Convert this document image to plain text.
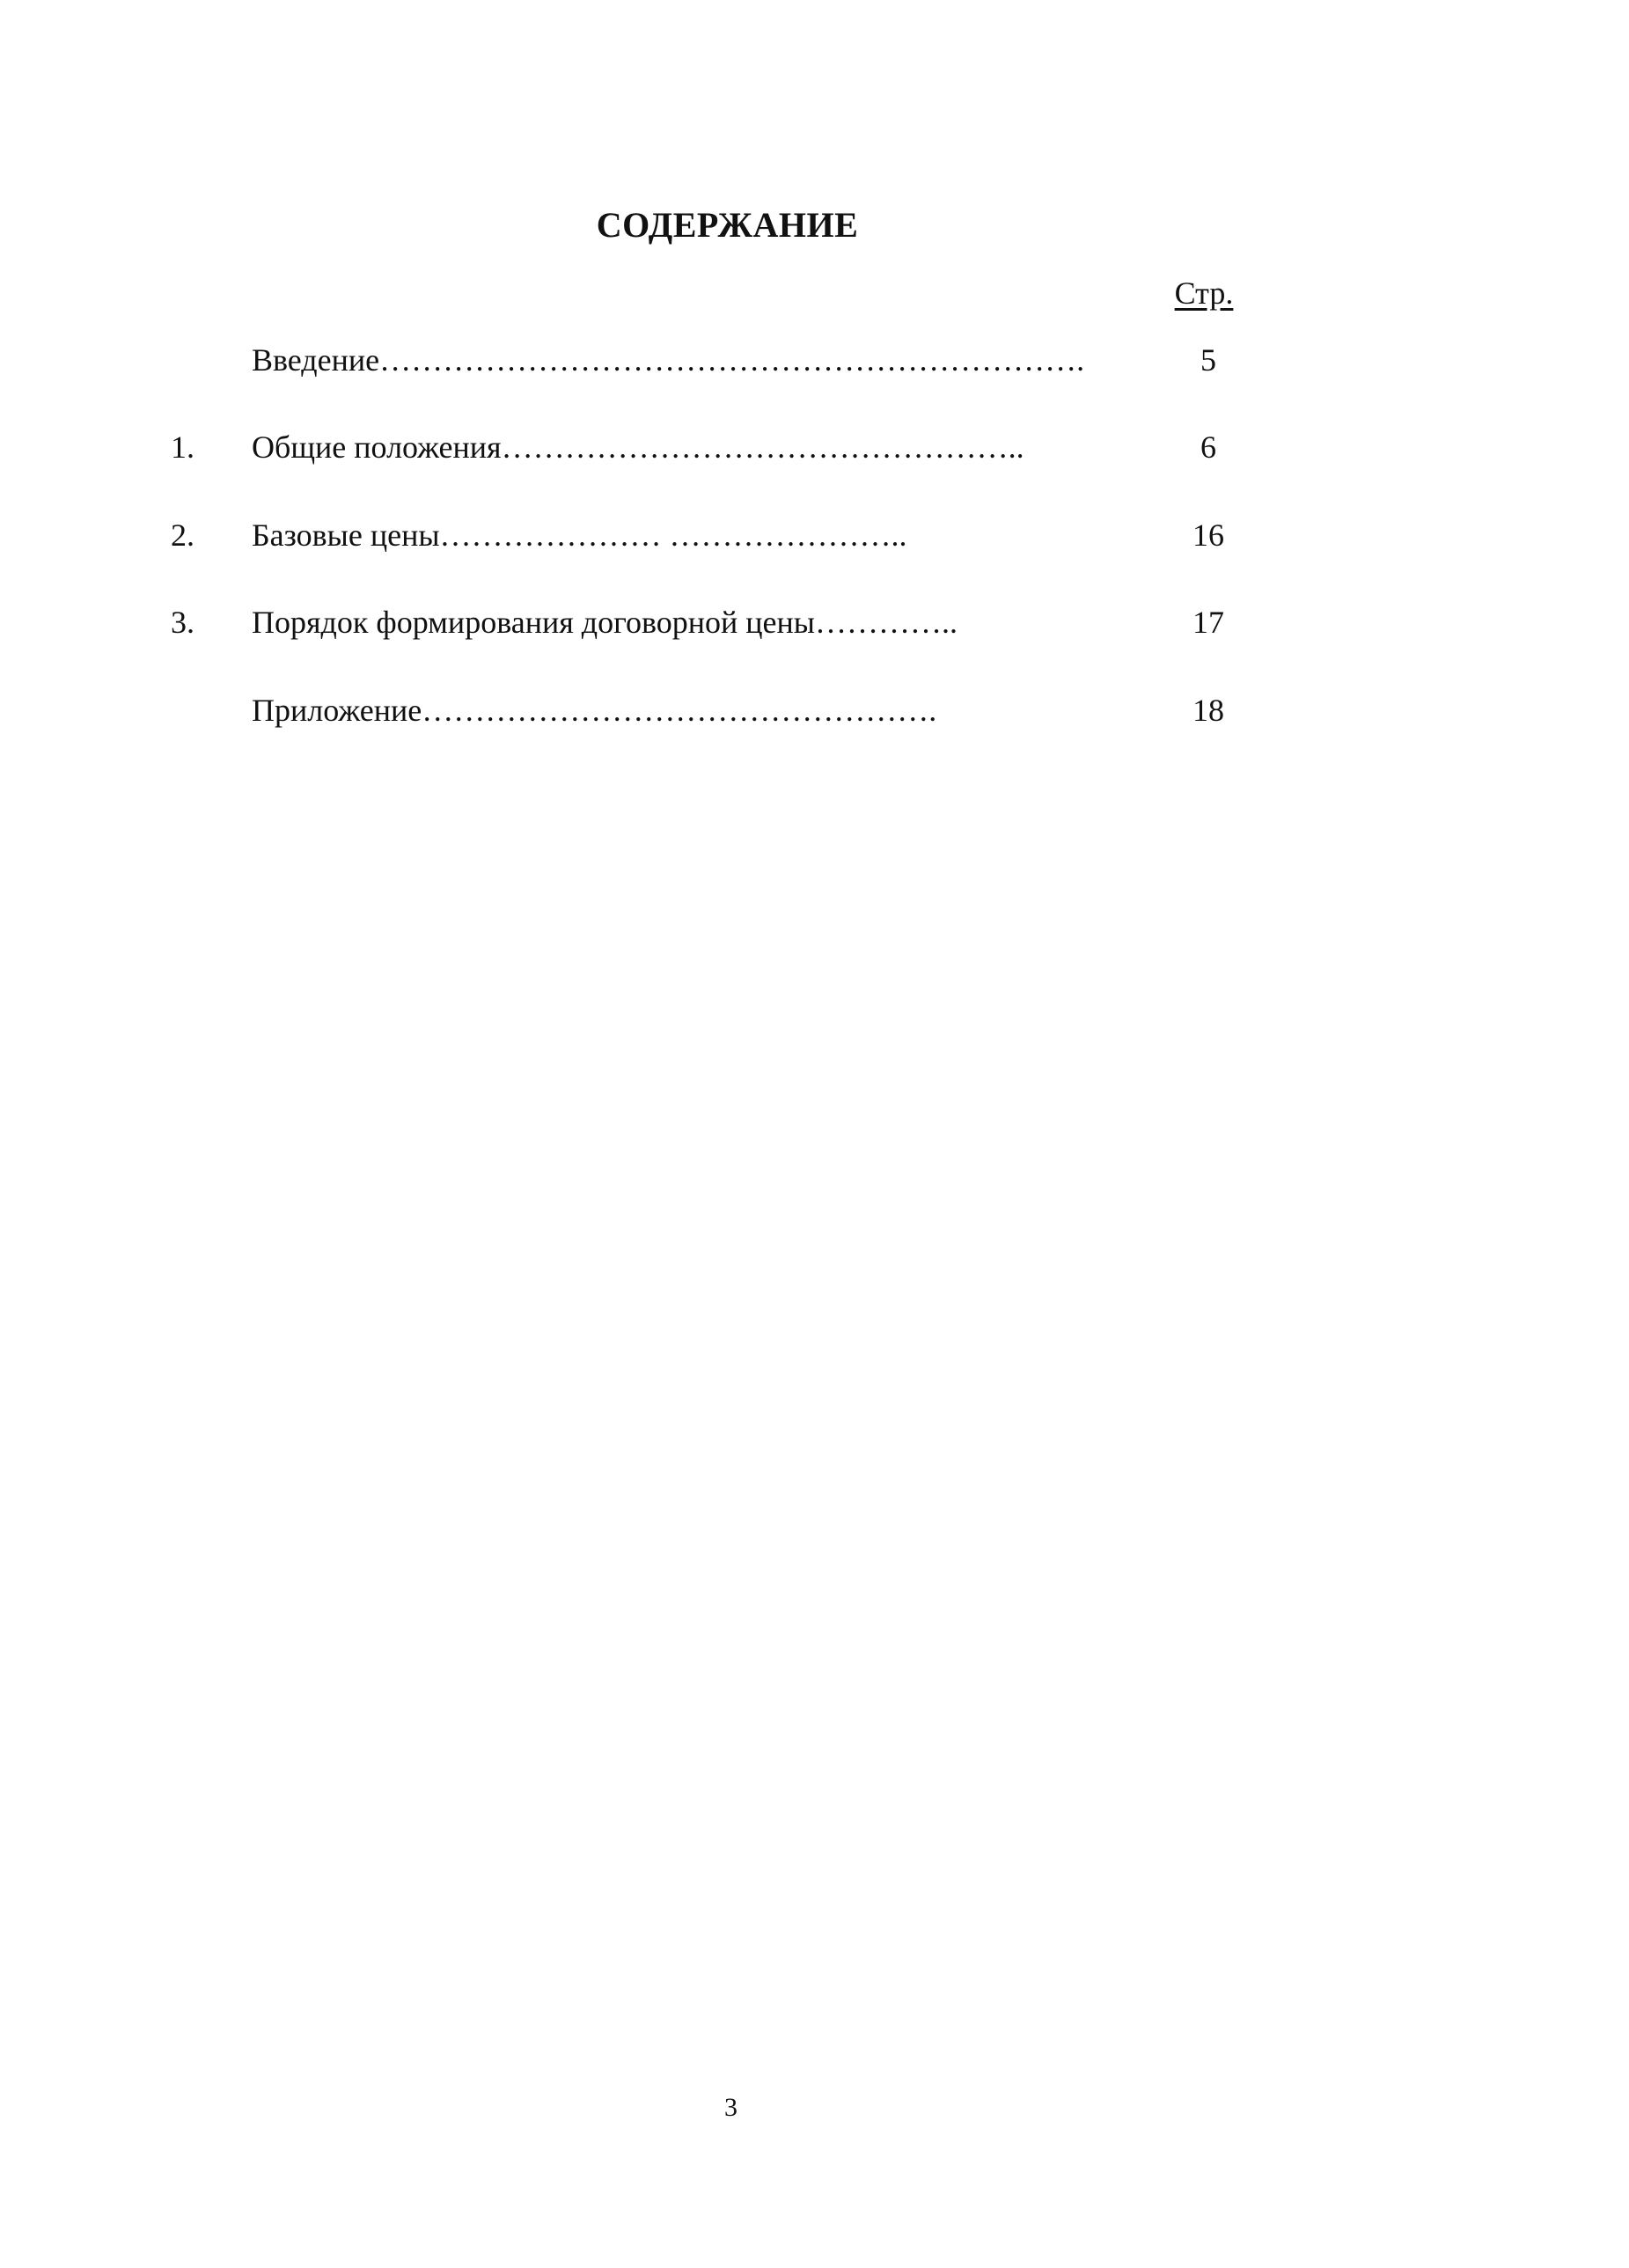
СОДЕРЖАНИЕ
Стр.
Введение………………………………………………………….	5
1. Общие положения…………………………………………..	6
2. Базовые цены………………… …………………..	16
3. Порядок формирования договорной цены…………..	17
Приложение………………………………………….	18
3
